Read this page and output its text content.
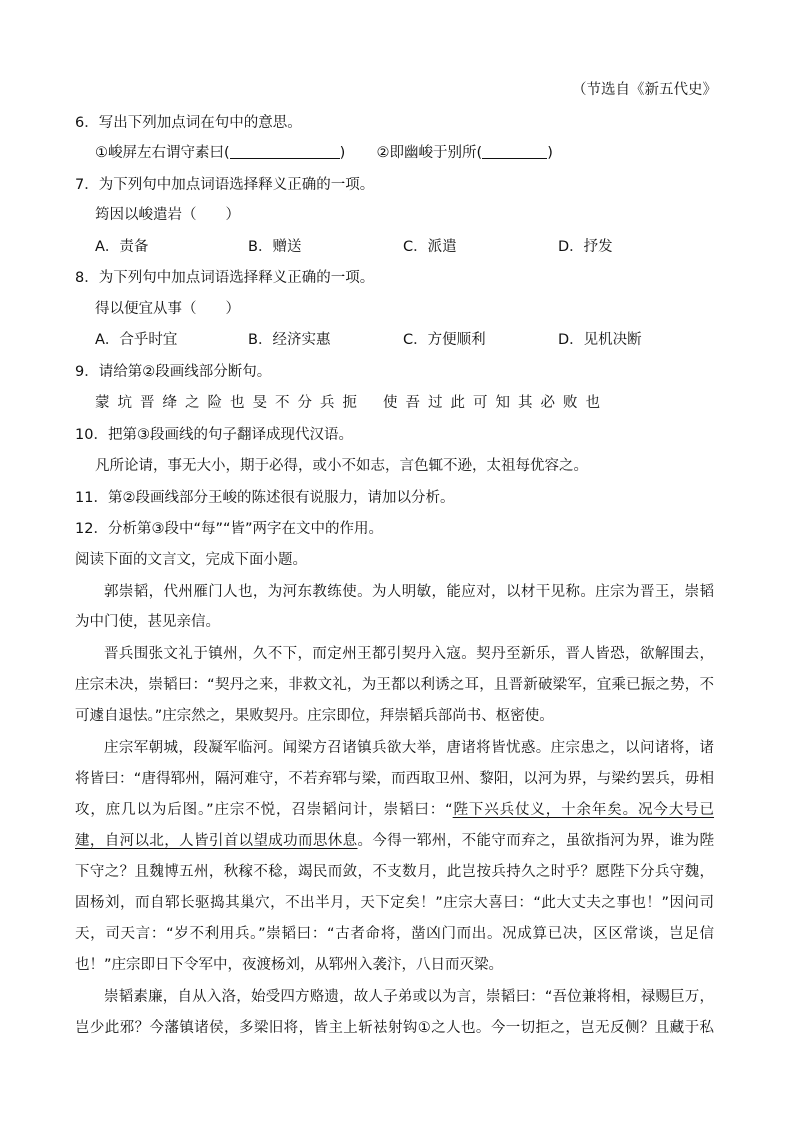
（节选自《新五代史》
6．写出下列加点词在句中的意思。
①峻屏左右谓守素曰(	) ②即幽峻于别所(	)
7．为下列句中加点词语选择释义正确的一项。
筠因以峻遣岩（　　）
A．责备	B．赠送	C．派遣	D．抒发
8．为下列句中加点词语选择释义正确的一项。
得以便宜从事（　　）
A．合乎时宜	B．经济实惠	C．方便顺利	D．见机决断
9．请给第②段画线部分断句。
蒙坑晋绛之险也旻不分兵扼 使吾过此可知其必败也
10．把第③段画线的句子翻译成现代汉语。
凡所论请，事无大小，期于必得，或小不如志，言色辄不逊，太祖每优容之。
11．第②段画线部分王峻的陈述很有说服力，请加以分析。
12．分析第③段中“每”“皆”两字在文中的作用。
阅读下面的文言文，完成下面小题。
郭崇韬，代州雁门人也，为河东教练使。为人明敏，能应对，以材干见称。庄宗为晋王，崇韬
为中门使，甚见亲信。
晋兵围张文礼于镇州，久不下，而定州王都引契丹入寇。契丹至新乐，晋人皆恐，欲解围去，
庄宗未决，崇韬曰：“契丹之来，非救文礼，为王都以利诱之耳，且晋新破梁军，宜乘已振之势，不
可遽自退怯。”庄宗然之，果败契丹。庄宗即位，拜崇韬兵部尚书、枢密使。
庄宗军朝城，段凝军临河。闻梁方召诸镇兵欲大举，唐诸将皆忧惑。庄宗患之，以问诸将，诸
将皆曰：“唐得郓州，隔河难守，不若弃郓与梁，而西取卫州、黎阳，以河为界，与梁约罢兵，毋相
攻，庶几以为后图。”庄宗不悦，召崇韬问计，崇韬曰：“陛下兴兵仗义，十余年矣。况今大号已
建，自河以北，人皆引首以望成功而思休息。今得一郓州，不能守而弃之，虽欲指河为界，谁为陛
下守之？且魏博五州，秋稼不稔，竭民而敛，不支数月，此岂按兵持久之时乎？愿陛下分兵守魏，
固杨刘，而自郓长驱捣其巢穴，不出半月，天下定矣！”庄宗大喜曰：“此大丈夫之事也！”因问司
天，司天言：“岁不利用兵。”崇韬曰：“古者命将，凿凶门而出。况成算已决，区区常谈，岂足信
也！”庄宗即日下令军中，夜渡杨刘，从郓州入袭汴，八日而灭梁。
崇韬素廉，自从入洛，始受四方赂遗，故人子弟或以为言，崇韬曰：“吾位兼将相，禄赐巨万，
岂少此邪？今藩镇诸侯，多梁旧将，皆主上斩袪射钩①之人也。今一切拒之，岂无反侧？且藏于私
